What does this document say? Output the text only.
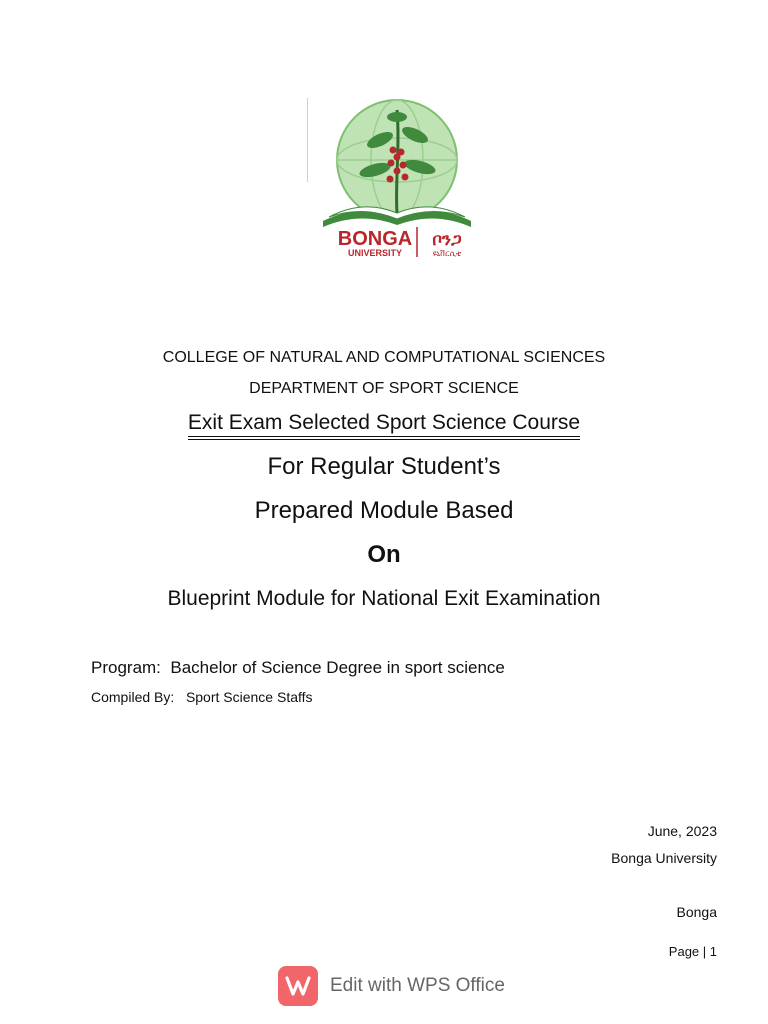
BONGA
UNIVERSITY
ቦንጋ
ዩኒቨርሲቲ
COLLEGE OF NATURAL AND COMPUTATIONAL SCIENCES
DEPARTMENT OF SPORT SCIENCE
Exit Exam Selected Sport Science Course
For Regular Student’s
Prepared Module Based
On
Blueprint Module for National Exit Examination
Program: Bachelor of Science Degree in sport science
Compiled By: Sport Science Staffs
June, 2023
Bonga University
Bonga
Page | 1
Edit with WPS Office
